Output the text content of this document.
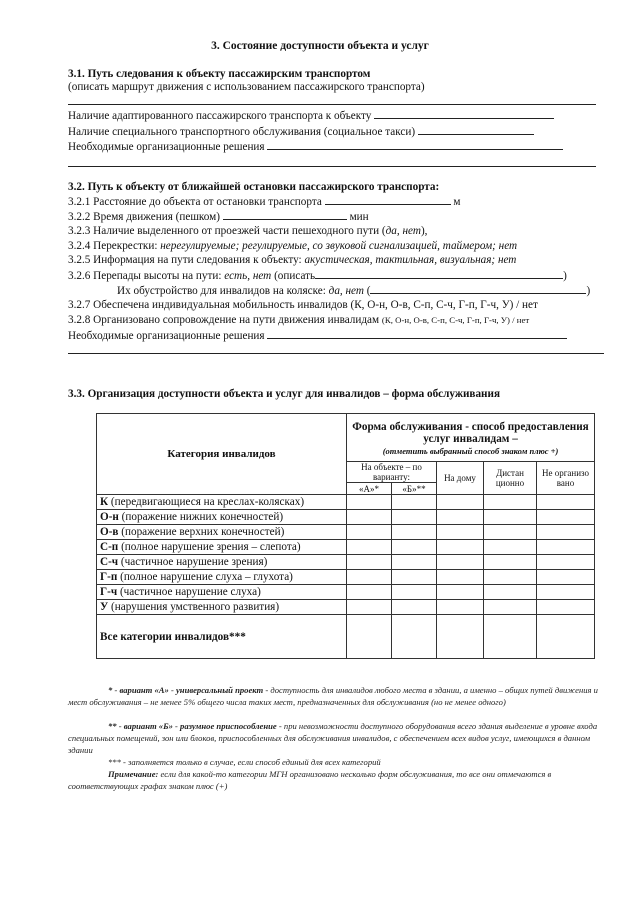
3. Состояние доступности объекта и услуг
3.1. Путь следования к объекту пассажирским транспортом
(описать маршрут движения с использованием пассажирского транспорта)
Наличие адаптированного пассажирского транспорта к объекту
Наличие специального транспортного обслуживания (социальное такси)
Необходимые организационные решения
3.2. Путь к объекту от ближайшей остановки пассажирского транспорта:
3.2.1 Расстояние до объекта от остановки транспорта	м
3.2.2 Время движения (пешком)	мин
3.2.3 Наличие выделенного от проезжей части пешеходного пути (да, нет),
3.2.4 Перекрестки: нерегулируемые; регулируемые, со звуковой сигнализацией, таймером; нет
3.2.5 Информация на пути следования к объекту: акустическая, тактильная, визуальная; нет
3.2.6 Перепады высоты на пути: есть, нет (описать	)
Их обустройство для инвалидов на коляске: да, нет (	)
3.2.7 Обеспечена индивидуальная мобильность инвалидов (К, О-н, О-в, С-п, С-ч, Г-п, Г-ч, У) / нет
3.2.8 Организовано сопровождение на пути движения инвалидам (К, О-н, О-в, С-п, С-ч, Г-п, Г-ч, У) / нет
Необходимые организационные решения
3.3. Организация доступности объекта и услуг для инвалидов – форма обслуживания
Категория инвалидов	Форма обслуживания - способ предоставления услуг инвалидам –
(отметить выбранный способ знаком плюс +)				

	На объекте – по варианту:		На дому	Дистан ционно	Не организо вано
	«А»*	«Б»**			
К (передвигающиеся на креслах-колясках)					
О-н (поражение нижних конечностей)					
О-в (поражение верхних конечностей)					
С-п (полное нарушение зрения – слепота)					
С-ч (частичное нарушение зрения)					
Г-п (полное нарушение слуха – глухота)					
Г-ч (частичное нарушение слуха)					
У (нарушения умственного развития)					
Все категории инвалидов***					
* - вариант «А» - универсальный проект - доступность для инвалидов любого места в здании, а именно – общих путей движения и мест обслуживания – не менее 5% общего числа таких мест, предназначенных для обслуживания (но не менее одного)
** - вариант «Б» - разумное приспособление - при невозможности доступного оборудования всего здания выделение в уровне входа специальных помещений, зон или блоков, приспособленных для обслуживания инвалидов, с обеспечением всех видов услуг, имеющихся в данном здании
*** - заполняется только в случае, если способ единый для всех категорий
Примечание: если для какой-то категории МГН организовано несколько форм обслуживания, то все они отмечаются в соответствующих графах знаком плюс (+)
